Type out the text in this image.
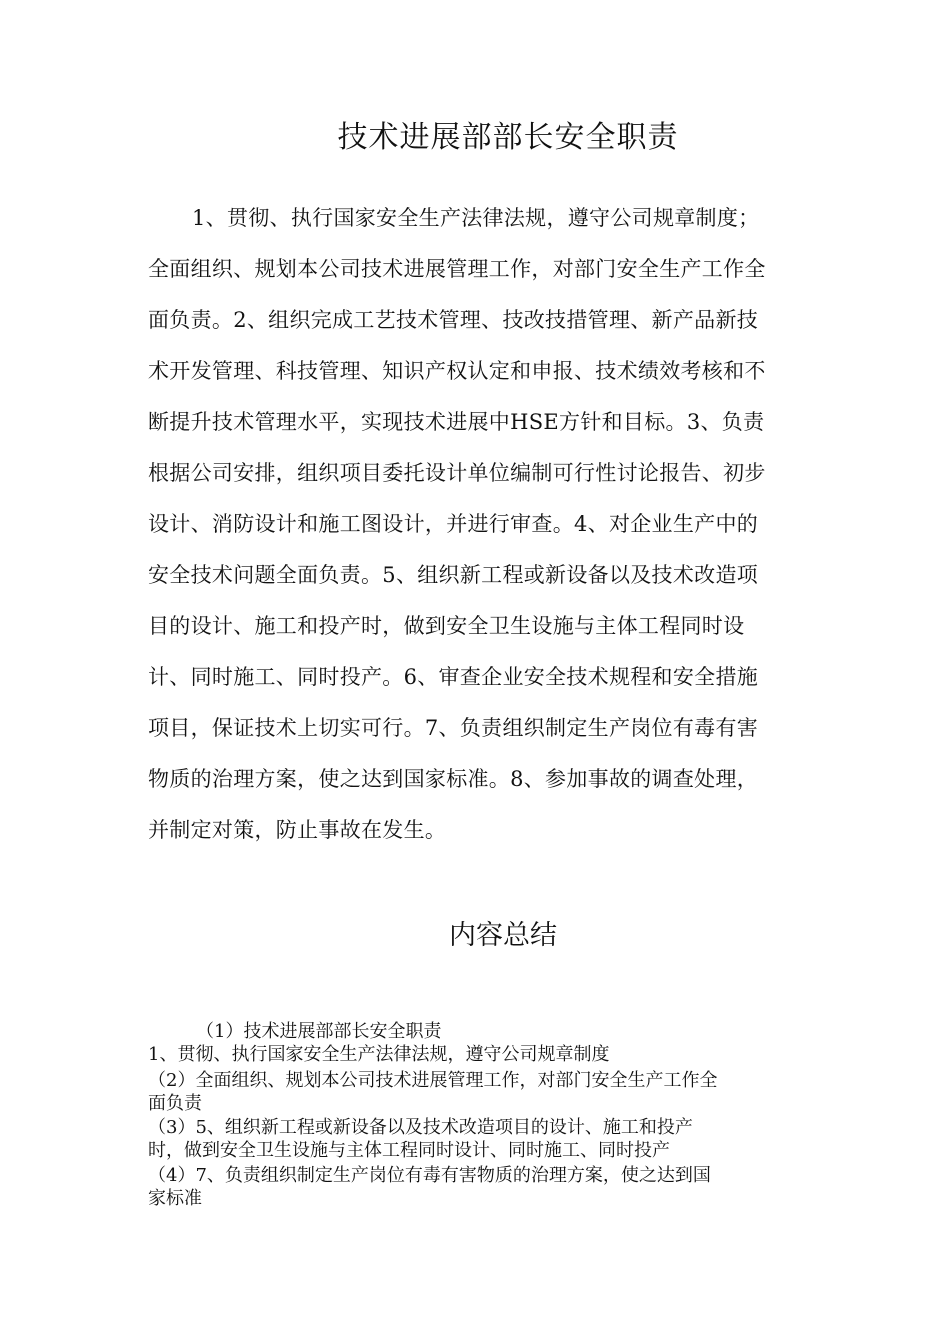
技术进展部部长安全职责
1、贯彻、执行国家安全生产法律法规，遵守公司规章制度；
全面组织、规划本公司技术进展管理工作，对部门安全生产工作全
面负责。2、组织完成工艺技术管理、技改技措管理、新产品新技
术开发管理、科技管理、知识产权认定和申报、技术绩效考核和不
断提升技术管理水平，实现技术进展中HSE方针和目标。3、负责
根据公司安排，组织项目委托设计单位编制可行性讨论报告、初步
设计、消防设计和施工图设计，并进行审查。4、对企业生产中的
安全技术问题全面负责。5、组织新工程或新设备以及技术改造项
目的设计、施工和投产时，做到安全卫生设施与主体工程同时设
计、同时施工、同时投产。6、审查企业安全技术规程和安全措施
项目，保证技术上切实可行。7、负责组织制定生产岗位有毒有害
物质的治理方案，使之达到国家标准。8、参加事故的调查处理，
并制定对策，防止事故在发生。
内容总结
（1）技术进展部部长安全职责
1、贯彻、执行国家安全生产法律法规，遵守公司规章制度
（2）全面组织、规划本公司技术进展管理工作，对部门安全生产工作全
面负责
（3）5、组织新工程或新设备以及技术改造项目的设计、施工和投产
时，做到安全卫生设施与主体工程同时设计、同时施工、同时投产
（4）7、负责组织制定生产岗位有毒有害物质的治理方案，使之达到国
家标准
